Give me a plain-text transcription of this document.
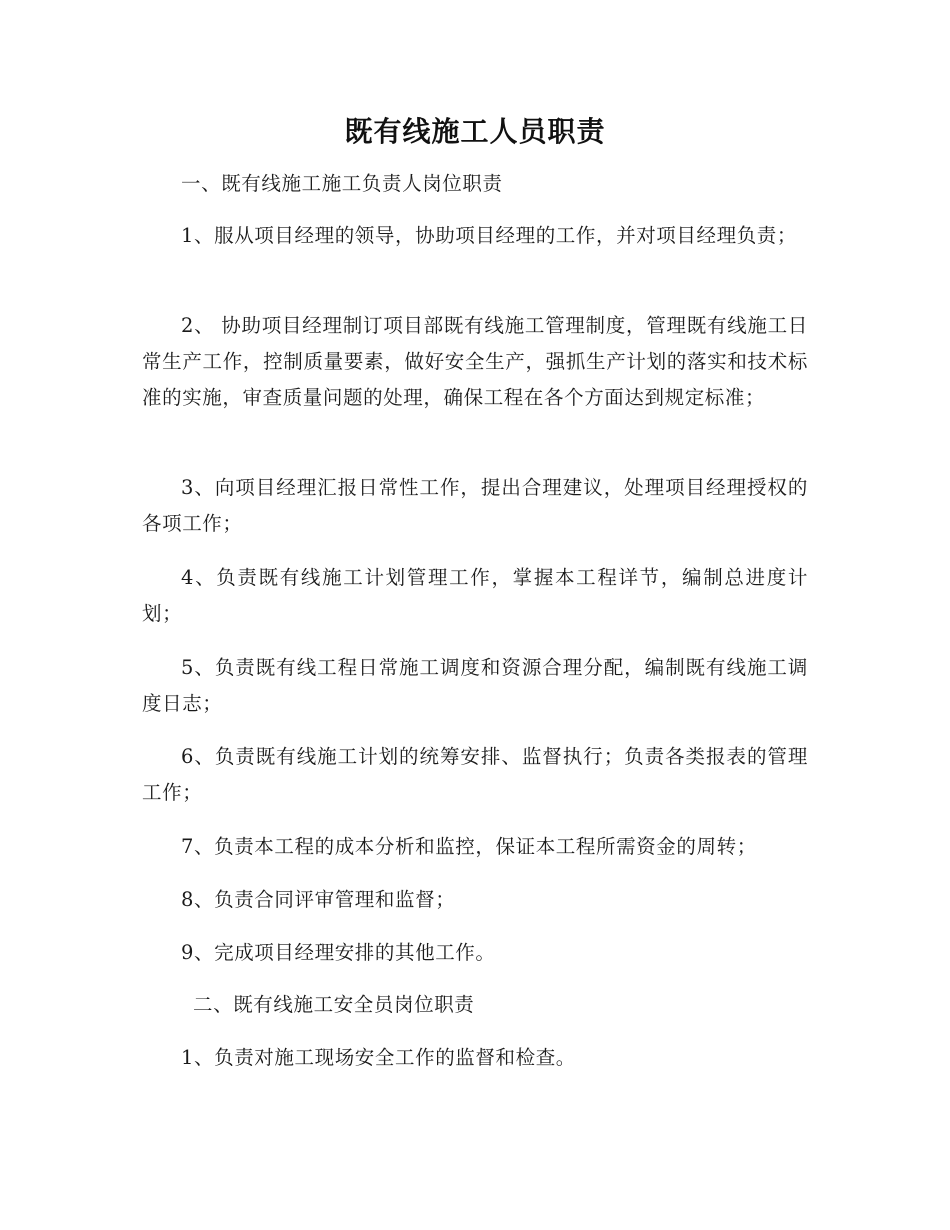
既有线施工人员职责
一、既有线施工施工负责人岗位职责
1、服从项目经理的领导，协助项目经理的工作，并对项目经理负责；
2、 协助项目经理制订项目部既有线施工管理制度，管理既有线施工日常生产工作，控制质量要素，做好安全生产，强抓生产计划的落实和技术标准的实施，审查质量问题的处理，确保工程在各个方面达到规定标准；
3、向项目经理汇报日常性工作，提出合理建议，处理项目经理授权的各项工作；
4、负责既有线施工计划管理工作，掌握本工程详节，编制总进度计划；
5、负责既有线工程日常施工调度和资源合理分配，编制既有线施工调度日志；
6、负责既有线施工计划的统筹安排、监督执行；负责各类报表的管理工作；
7、负责本工程的成本分析和监控，保证本工程所需资金的周转；
8、负责合同评审管理和监督；
9、完成项目经理安排的其他工作。
二、既有线施工安全员岗位职责
1、负责对施工现场安全工作的监督和检查。
